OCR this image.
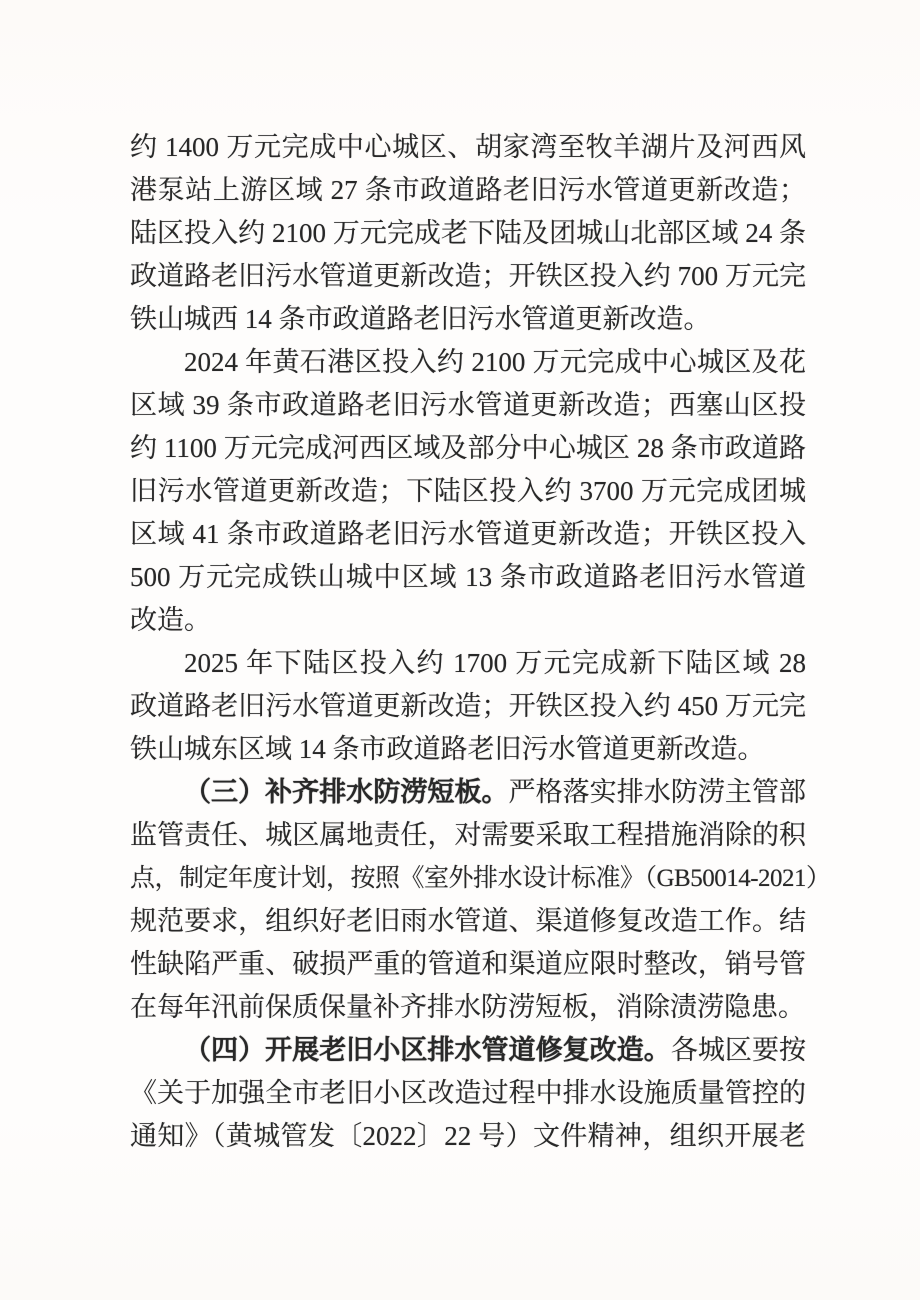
约 1400 万元完成中心城区、胡家湾至牧羊湖片及河西风
港泵站上游区域 27 条市政道路老旧污水管道更新改造；
陆区投入约 2100 万元完成老下陆及团城山北部区域 24 条
政道路老旧污水管道更新改造；开铁区投入约 700 万元完
铁山城西 14 条市政道路老旧污水管道更新改造。
2024 年黄石港区投入约 2100 万元完成中心城区及花
区域 39 条市政道路老旧污水管道更新改造；西塞山区投
约 1100 万元完成河西区域及部分中心城区 28 条市政道路
旧污水管道更新改造；下陆区投入约 3700 万元完成团城
区域 41 条市政道路老旧污水管道更新改造；开铁区投入
500 万元完成铁山城中区域 13 条市政道路老旧污水管道
改造。
2025 年下陆区投入约 1700 万元完成新下陆区域 28
政道路老旧污水管道更新改造；开铁区投入约 450 万元完
铁山城东区域 14 条市政道路老旧污水管道更新改造。
（三）补齐排水防涝短板。严格落实排水防涝主管部
监管责任、城区属地责任，对需要采取工程措施消除的积
点，制定年度计划，按照《室外排水设计标准》（GB50014-2021）
规范要求，组织好老旧雨水管道、渠道修复改造工作。结
性缺陷严重、破损严重的管道和渠道应限时整改，销号管
在每年汛前保质保量补齐排水防涝短板，消除渍涝隐患。
（四）开展老旧小区排水管道修复改造。各城区要按
《关于加强全市老旧小区改造过程中排水设施质量管控的
通知》（黄城管发〔2022〕22 号）文件精神，组织开展老
